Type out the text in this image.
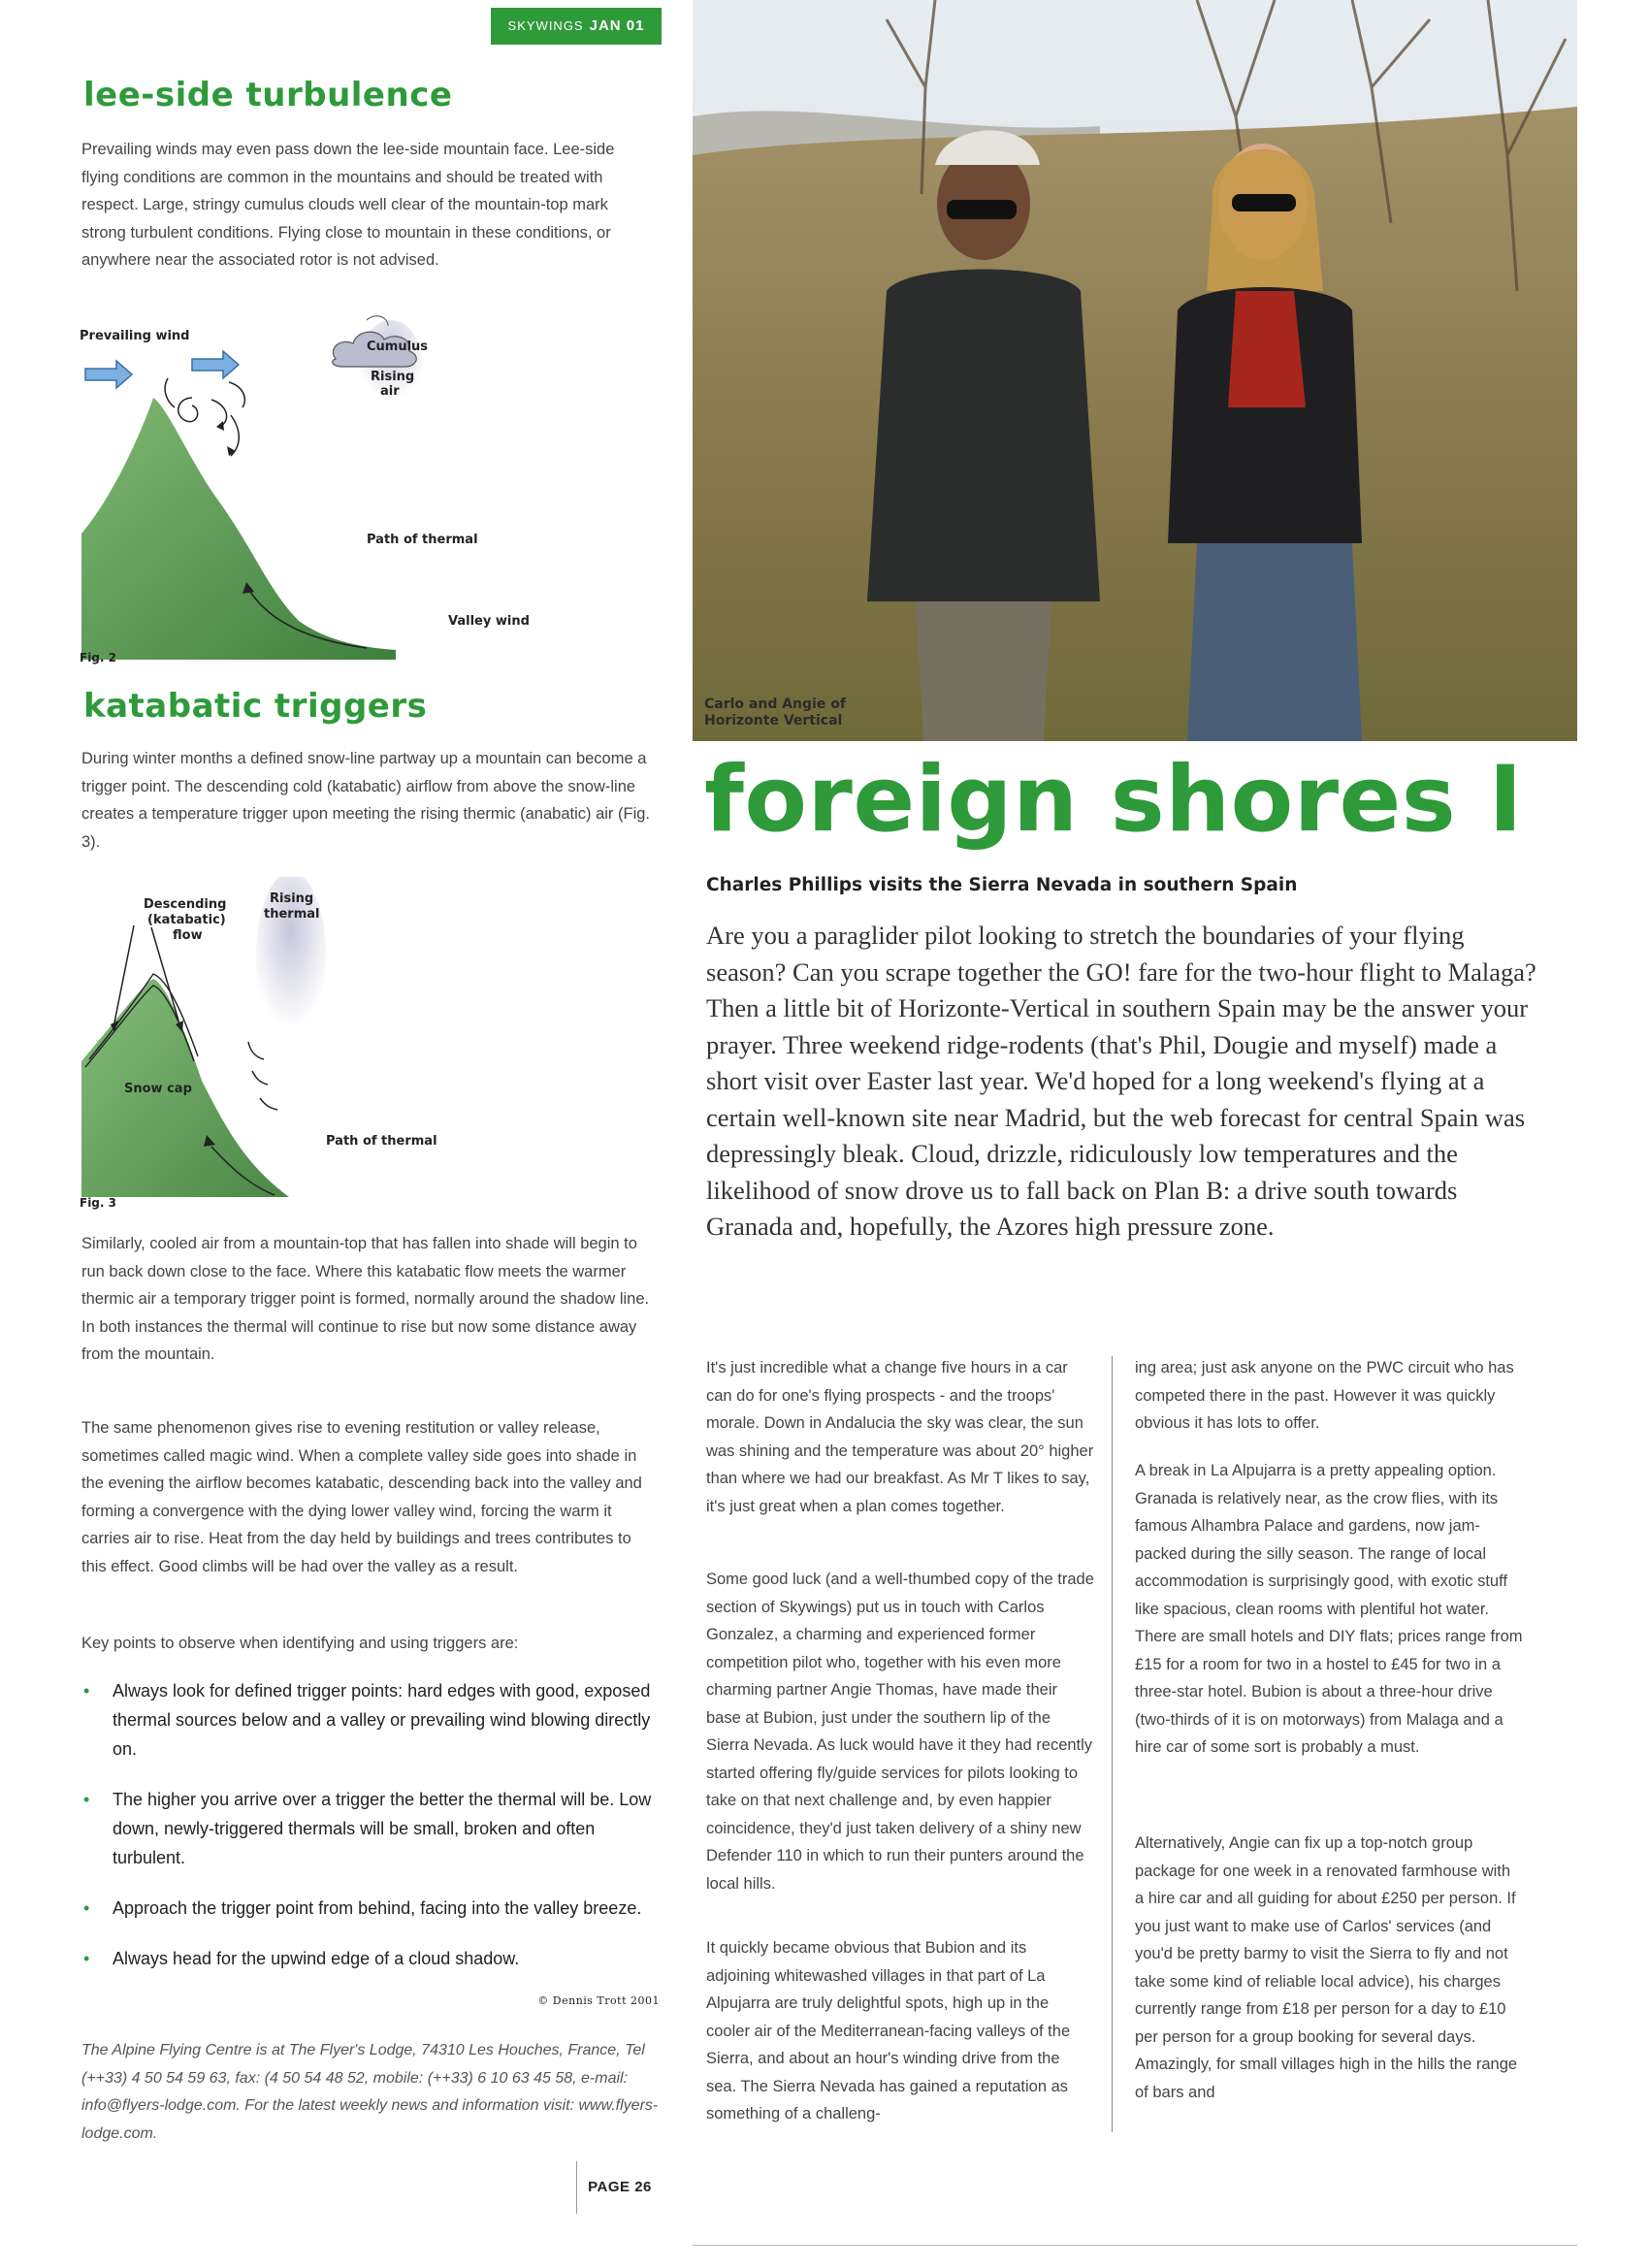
SKYWINGS JAN 01
lee-side turbulence

Prevailing winds may even pass down the lee-side mountain face. Lee-side flying conditions are common in the mountains and should be treated with respect. Large, stringy cumulus clouds well clear of the mountain-top mark strong turbulent conditions. Flying close to mountain in these conditions, or anywhere near the associated rotor is not advised.

Prevailing wind
Cumulus
Rising
air
Path of thermal
Valley wind
Fig. 2
katabatic triggers

During winter months a defined snow-line partway up a mountain can become a trigger point. The descending cold (katabatic) airflow from above the snow-line creates a temperature trigger upon meeting the rising thermic (anabatic) air (Fig. 3).

Descending
(katabatic)
flow
Rising
thermal
Snow cap
Path of thermal
Fig. 3

Similarly, cooled air from a mountain-top that has fallen into shade will begin to run back down close to the face. Where this katabatic flow meets the warmer thermic air a temporary trigger point is formed, normally around the shadow line. In both instances the thermal will continue to rise but now some distance away from the mountain.

The same phenomenon gives rise to evening restitution or valley release, sometimes called magic wind. When a complete valley side goes into shade in the evening the airflow becomes katabatic, descending back into the valley and forming a convergence with the dying lower valley wind, forcing the warm it carries air to rise. Heat from the day held by buildings and trees contributes to this effect. Good climbs will be had over the valley as a result.

Key points to observe when identifying and using triggers are:

• Always look for defined trigger points: hard edges with good, exposed thermal sources below and a valley or prevailing wind blowing directly on.
• The higher you arrive over a trigger the better the thermal will be. Low down, newly-triggered thermals will be small, broken and often turbulent.
• Approach the trigger point from behind, facing into the valley breeze.
• Always head for the upwind edge of a cloud shadow.
© Dennis Trott 2001

The Alpine Flying Centre is at The Flyer's Lodge, 74310 Les Houches, France, Tel (++33) 4 50 54 59 63, fax: (4 50 54 48 52, mobile: (++33) 6 10 63 45 58, e-mail: info@flyers-lodge.com. For the latest weekly news and information visit: www.flyers-lodge.com.

PAGE 26
Carlo and Angie of
Horizonte Vertical
foreign shores I
Charles Phillips visits the Sierra Nevada in southern Spain

Are you a paraglider pilot looking to stretch the boundaries of your flying season? Can you scrape together the GO! fare for the two-hour flight to Malaga? Then a little bit of Horizonte-Vertical in southern Spain may be the answer your prayer. Three weekend ridge-rodents (that's Phil, Dougie and myself) made a short visit over Easter last year. We'd hoped for a long weekend's flying at a certain well-known site near Madrid, but the web forecast for central Spain was depressingly bleak. Cloud, drizzle, ridiculously low temperatures and the likelihood of snow drove us to fall back on Plan B: a drive south towards Granada and, hopefully, the Azores high pressure zone.

It's just incredible what a change five hours in a car can do for one's flying prospects - and the troops' morale. Down in Andalucia the sky was clear, the sun was shining and the temperature was about 20° higher than where we had our breakfast. As Mr T likes to say, it's just great when a plan comes together.

Some good luck (and a well-thumbed copy of the trade section of Skywings) put us in touch with Carlos Gonzalez, a charming and experienced former competition pilot who, together with his even more charming partner Angie Thomas, have made their base at Bubion, just under the southern lip of the Sierra Nevada. As luck would have it they had recently started offering fly/guide services for pilots looking to take on that next challenge and, by even happier coincidence, they'd just taken delivery of a shiny new Defender 110 in which to run their punters around the local hills.

It quickly became obvious that Bubion and its adjoining whitewashed villages in that part of La Alpujarra are truly delightful spots, high up in the cooler air of the Mediterranean-facing valleys of the Sierra, and about an hour's winding drive from the sea. The Sierra Nevada has gained a reputation as something of a challeng-

ing area; just ask anyone on the PWC circuit who has competed there in the past. However it was quickly obvious it has lots to offer.

A break in La Alpujarra is a pretty appealing option. Granada is relatively near, as the crow flies, with its famous Alhambra Palace and gardens, now jam-packed during the silly season. The range of local accommodation is surprisingly good, with exotic stuff like spacious, clean rooms with plentiful hot water. There are small hotels and DIY flats; prices range from £15 for a room for two in a hostel to £45 for two in a three-star hotel. Bubion is about a three-hour drive (two-thirds of it is on motorways) from Malaga and a hire car of some sort is probably a must.

Alternatively, Angie can fix up a top-notch group package for one week in a renovated farmhouse with a hire car and all guiding for about £250 per person. If you just want to make use of Carlos' services (and you'd be pretty barmy to visit the Sierra to fly and not take some kind of reliable local advice), his charges currently range from £18 per person for a day to £10 per person for a group booking for several days. Amazingly, for small villages high in the hills the range of bars and
